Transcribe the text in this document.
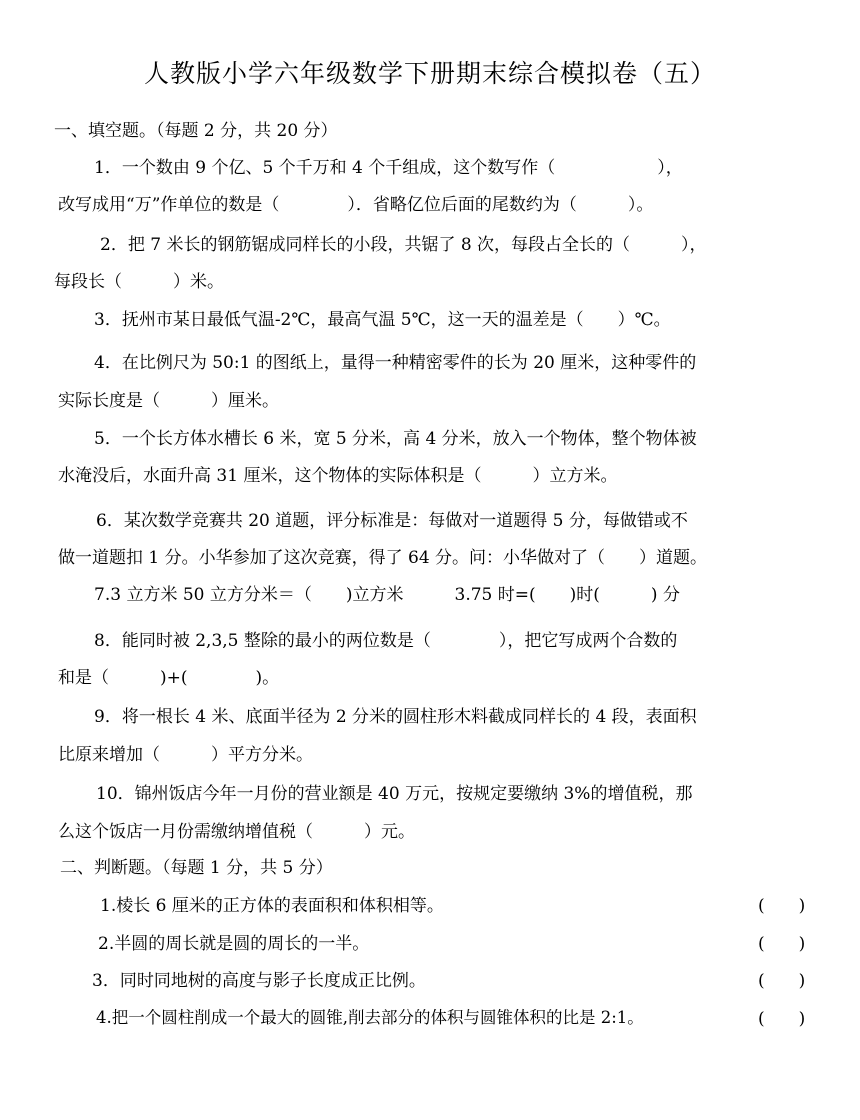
人教版小学六年级数学下册期末综合模拟卷（五）
一、填空题。（每题 2 分，共 20 分）
1．一个数由 9 个亿、5 个千万和 4 个千组成，这个数写作（　　　　　　），
改写成用“万”作单位的数是（　　　　）．省略亿位后面的尾数约为（　　　）。
2．把 7 米长的钢筋锯成同样长的小段，共锯了 8 次，每段占全长的（　　　），
每段长（　　　）米。
3．抚州市某日最低气温-2℃，最高气温 5℃，这一天的温差是（　　）℃。
4．在比例尺为 50:1 的图纸上，量得一种精密零件的长为 20 厘米，这种零件的
实际长度是（　　　）厘米。
5．一个长方体水槽长 6 米，宽 5 分米，高 4 分米，放入一个物体，整个物体被
水淹没后，水面升高 31 厘米，这个物体的实际体积是（　　　）立方米。
6．某次数学竞赛共 20 道题，评分标准是：每做对一道题得 5 分，每做错或不
做一道题扣 1 分。小华参加了这次竞赛，得了 64 分。问：小华做对了（　　）道题。
7.3 立方米 50 立方分米＝（　　)立方米　　　3.75 时=(　　)时(　　　) 分
8．能同时被 2,3,5 整除的最小的两位数是（　　　　），把它写成两个合数的
和是（　　　)+(　　　　)。
9．将一根长 4 米、底面半径为 2 分米的圆柱形木料截成同样长的 4 段，表面积
比原来增加（　　　）平方分米。
10．锦州饭店今年一月份的营业额是 40 万元，按规定要缴纳 3%的增值税，那
么这个饭店一月份需缴纳增值税（　　　）元。
二、判断题。（每题 1 分，共 5 分）
1.棱长 6 厘米的正方体的表面积和体积相等。	(　　)
2.半圆的周长就是圆的周长的一半。	(　　)
3．同时同地树的高度与影子长度成正比例。	(　　)
4.把一个圆柱削成一个最大的圆锥,削去部分的体积与圆锥体积的比是 2:1。	(　　)
